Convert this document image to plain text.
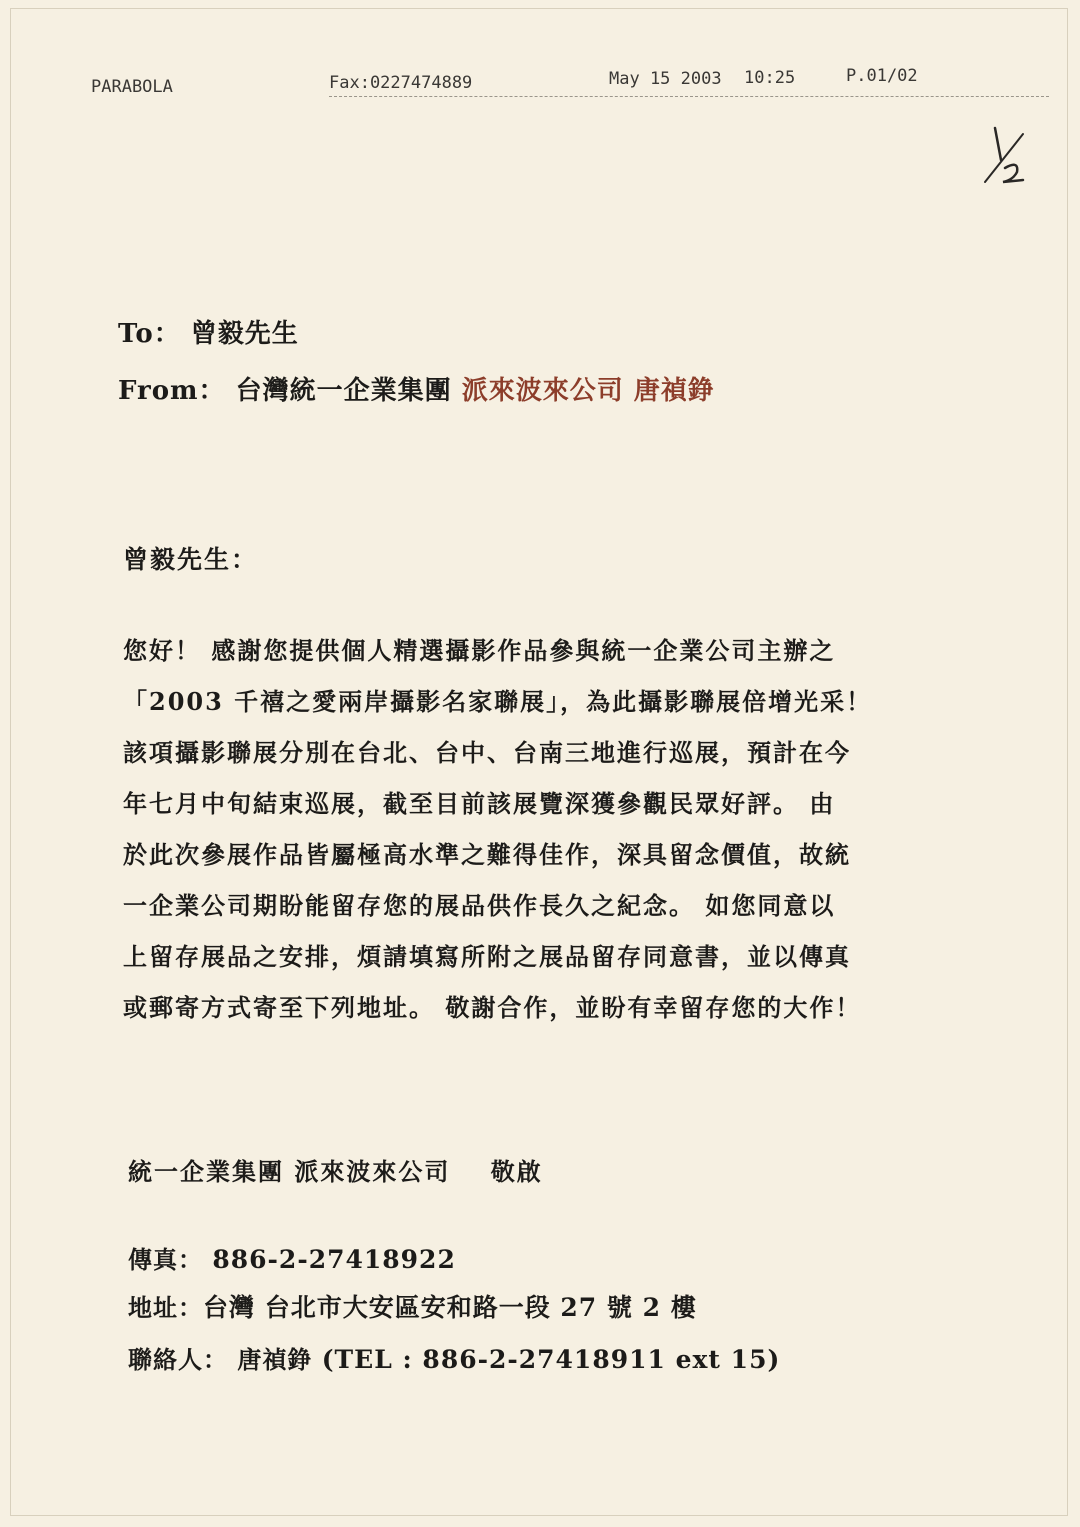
PARABOLA	Fax:0227474889	May 15 2003 10:25	P.01/02
To： 曾毅先生
From： 台灣統一企業集團 派來波來公司 唐禎錚
曾毅先生：
您好！ 感謝您提供個人精選攝影作品參與統一企業公司主辦之
「2003 千禧之愛兩岸攝影名家聯展」，為此攝影聯展倍增光采！
該項攝影聯展分別在台北、台中、台南三地進行巡展，預計在今
年七月中旬結束巡展，截至目前該展覽深獲參觀民眾好評。 由
於此次參展作品皆屬極高水準之難得佳作，深具留念價值，故統
一企業公司期盼能留存您的展品供作長久之紀念。 如您同意以
上留存展品之安排，煩請填寫所附之展品留存同意書，並以傳真
或郵寄方式寄至下列地址。 敬謝合作，並盼有幸留存您的大作！
統一企業集團 派來波來公司 敬啟
傳真： 886-2-27418922
地址：台灣 台北市大安區安和路一段 27 號 2 樓
聯絡人： 唐禎錚 (TEL : 886-2-27418911 ext 15)
